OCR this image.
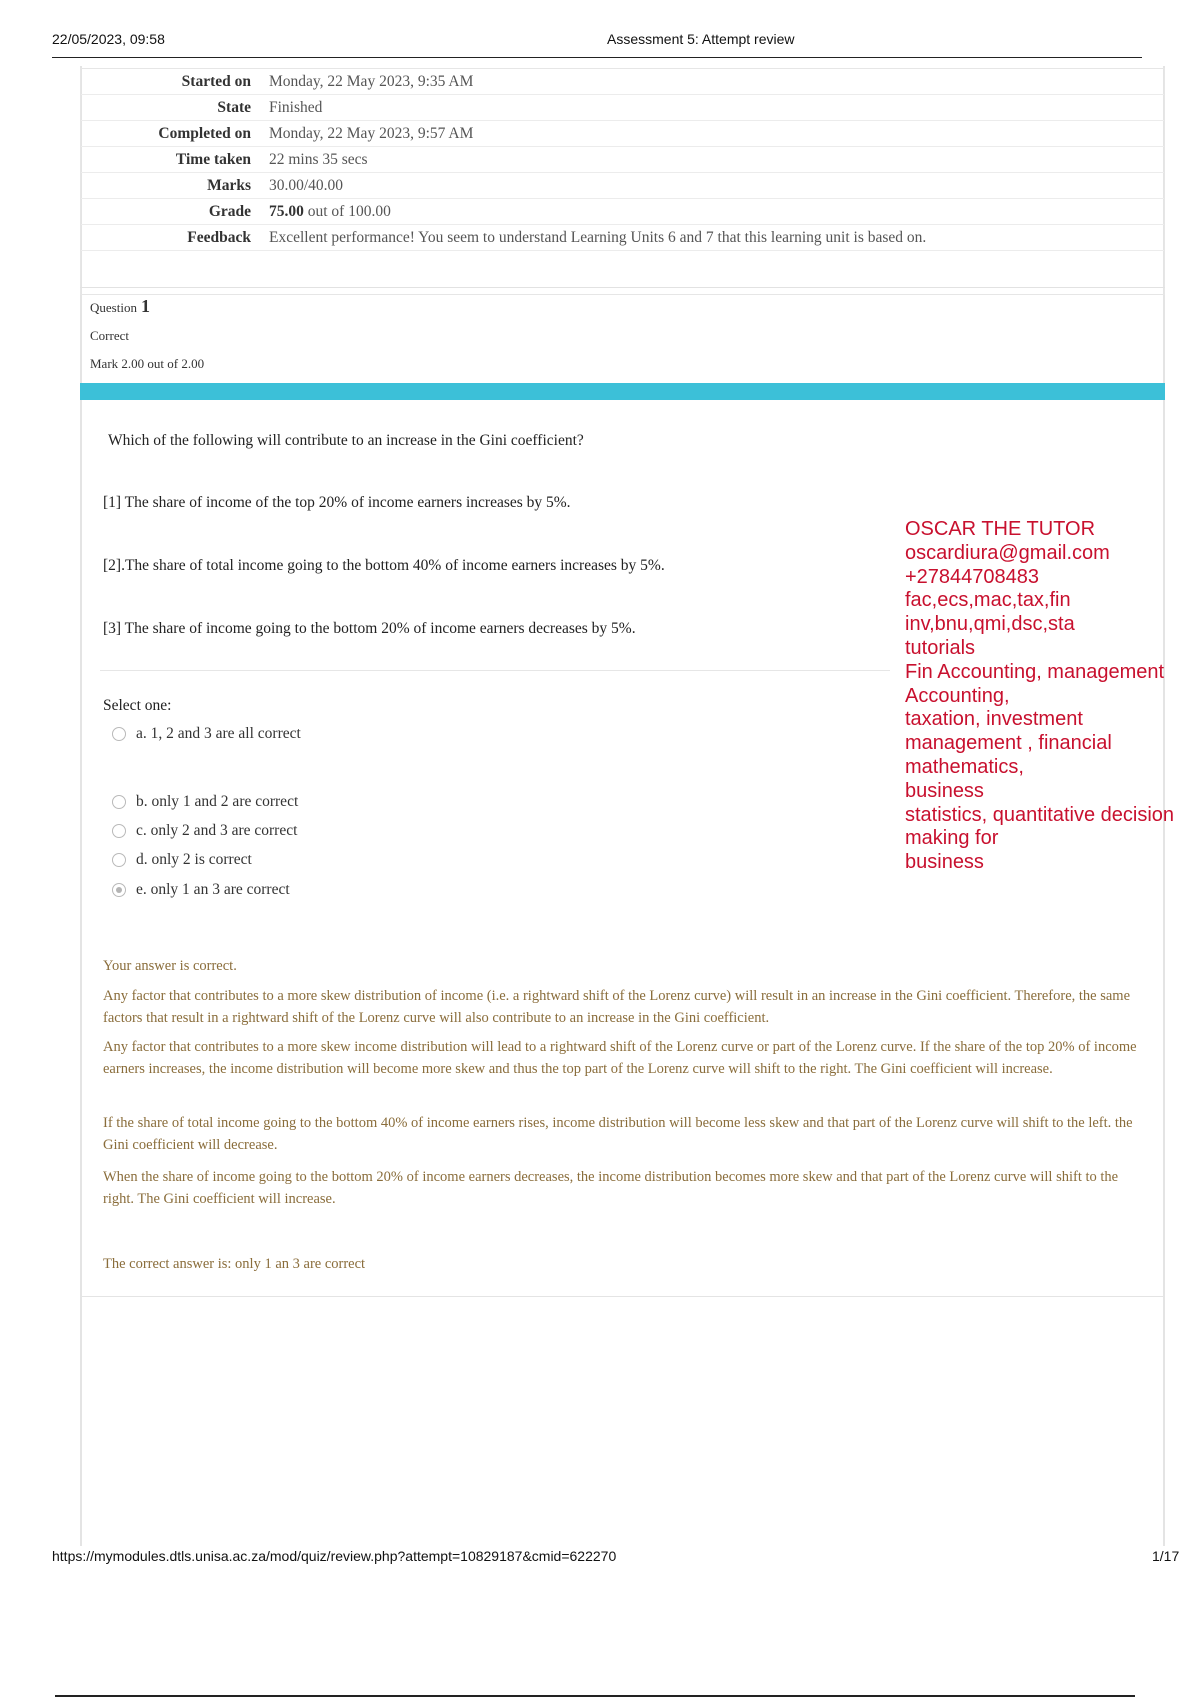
22/05/2023, 09:58	Assessment 5: Attempt review
Started on	Monday, 22 May 2023, 9:35 AM
State	Finished
Completed on	Monday, 22 May 2023, 9:57 AM
Time taken	22 mins 35 secs
Marks	30.00/40.00
Grade	75.00 out of 100.00
Feedback	Excellent performance! You seem to understand Learning Units 6 and 7 that this learning unit is based on.
Question 1
Correct
Mark 2.00 out of 2.00
Which of the following will contribute to an increase in the Gini coefficient?
[1] The share of income of the top 20% of income earners increases by 5%.
[2].The share of total income going to the bottom 40% of income earners increases by 5%.
[3] The share of income going to the bottom 20% of income earners decreases by 5%.
Select one:
a. 1, 2 and 3 are all correct
b. only 1 and 2 are correct
c. only 2 and 3 are correct
d. only 2 is correct
e. only 1 an 3 are correct
Your answer is correct.
Any factor that contributes to a more skew distribution of income (i.e. a rightward shift of the Lorenz curve) will result in an increase in the Gini coefficient. Therefore, the same factors that result in a rightward shift of the Lorenz curve will also contribute to an increase in the Gini coefficient.
Any factor that contributes to a more skew income distribution will lead to a rightward shift of the Lorenz curve or part of the Lorenz curve. If the share of the top 20% of income earners increases, the income distribution will become more skew and thus the top part of the Lorenz curve will shift to the right. The Gini coefficient will increase.
If the share of total income going to the bottom 40% of income earners rises, income distribution will become less skew and that part of the Lorenz curve will shift to the left. the Gini coefficient will decrease.
When the share of income going to the bottom 20% of income earners decreases, the income distribution becomes more skew and that part of the Lorenz curve will shift to the right. The Gini coefficient will increase.
The correct answer is: only 1 an 3 are correct
OSCAR THE TUTOR
oscardiura@gmail.com
+27844708483
fac,ecs,mac,tax,fin
inv,bnu,qmi,dsc,sta
tutorials
Fin Accounting, management
Accounting,
taxation, investment
management , financial
mathematics,
business
statistics, quantitative decision
making for
business
https://mymodules.dtls.unisa.ac.za/mod/quiz/review.php?attempt=10829187&cmid=622270	1/17
